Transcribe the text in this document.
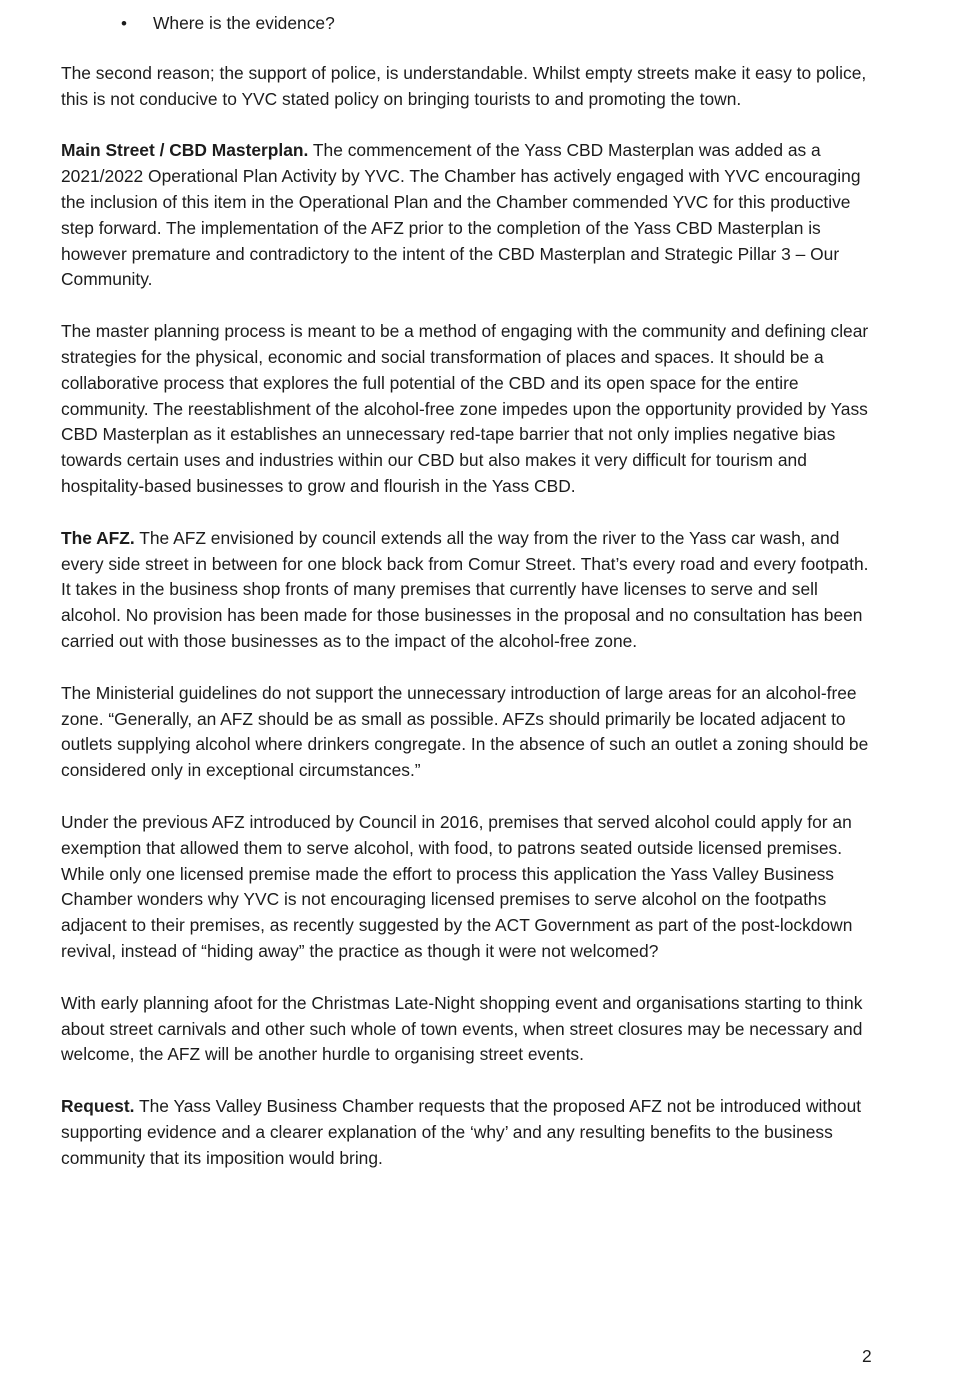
• Where is the evidence?

The second reason; the support of police, is understandable. Whilst empty streets make it easy to police, this is not conducive to YVC stated policy on bringing tourists to and promoting the town.

Main Street / CBD Masterplan. The commencement of the Yass CBD Masterplan was added as a 2021/2022 Operational Plan Activity by YVC. The Chamber has actively engaged with YVC encouraging the inclusion of this item in the Operational Plan and the Chamber commended YVC for this productive step forward. The implementation of the AFZ prior to the completion of the Yass CBD Masterplan is however premature and contradictory to the intent of the CBD Masterplan and Strategic Pillar 3 – Our Community.

The master planning process is meant to be a method of engaging with the community and defining clear strategies for the physical, economic and social transformation of places and spaces. It should be a collaborative process that explores the full potential of the CBD and its open space for the entire community. The reestablishment of the alcohol-free zone impedes upon the opportunity provided by Yass CBD Masterplan as it establishes an unnecessary red-tape barrier that not only implies negative bias towards certain uses and industries within our CBD but also makes it very difficult for tourism and hospitality-based businesses to grow and flourish in the Yass CBD.

The AFZ. The AFZ envisioned by council extends all the way from the river to the Yass car wash, and every side street in between for one block back from Comur Street. That’s every road and every footpath. It takes in the business shop fronts of many premises that currently have licenses to serve and sell alcohol. No provision has been made for those businesses in the proposal and no consultation has been carried out with those businesses as to the impact of the alcohol-free zone.

The Ministerial guidelines do not support the unnecessary introduction of large areas for an alcohol-free zone. “Generally, an AFZ should be as small as possible. AFZs should primarily be located adjacent to outlets supplying alcohol where drinkers congregate. In the absence of such an outlet a zoning should be considered only in exceptional circumstances.”

Under the previous AFZ introduced by Council in 2016, premises that served alcohol could apply for an exemption that allowed them to serve alcohol, with food, to patrons seated outside licensed premises. While only one licensed premise made the effort to process this application the Yass Valley Business Chamber wonders why YVC is not encouraging licensed premises to serve alcohol on the footpaths adjacent to their premises, as recently suggested by the ACT Government as part of the post-lockdown revival, instead of “hiding away” the practice as though it were not welcomed?

With early planning afoot for the Christmas Late-Night shopping event and organisations starting to think about street carnivals and other such whole of town events, when street closures may be necessary and welcome, the AFZ will be another hurdle to organising street events.

Request. The Yass Valley Business Chamber requests that the proposed AFZ not be introduced without supporting evidence and a clearer explanation of the ‘why’ and any resulting benefits to the business community that its imposition would bring.

2
